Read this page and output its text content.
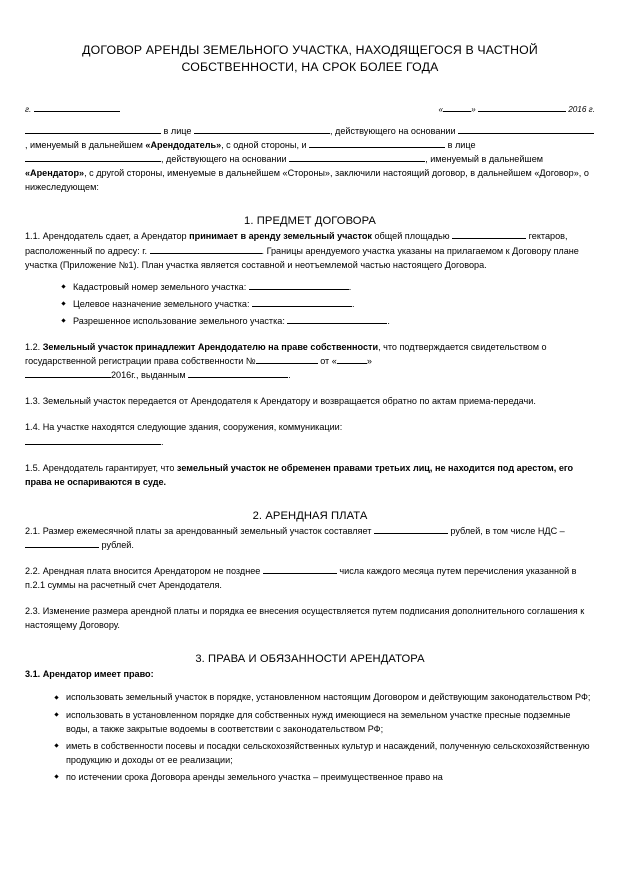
ДОГОВОР АРЕНДЫ ЗЕМЕЛЬНОГО УЧАСТКА, НАХОДЯЩЕГОСЯ В ЧАСТНОЙ СОБСТВЕННОСТИ, НА СРОК БОЛЕЕ ГОДА
г.	«	»	2016 г.

в лице	, действующего на основании , именуемый в дальнейшем «Арендодатель», с одной стороны, и	в лице , действующего на основании	, именуемый в дальнейшем «Арендатор», с другой стороны, именуемые в дальнейшем «Стороны», заключили настоящий договор, в дальнейшем «Договор», о нижеследующем:

1. ПРЕДМЕТ ДОГОВОРА

1.1. Арендодатель сдает, а Арендатор принимает в аренду земельный участок общей площадью	гектаров, расположенный по адресу: г.	. Границы арендуемого участка указаны на прилагаемом к Договору плане участка (Приложение №1). План участка является составной и неотъемлемой частью настоящего Договора.

Кадастровый номер земельного участка:	.
Целевое назначение земельного участка:	.
Разрешенное использование земельного участка:	.

1.2. Земельный участок принадлежит Арендодателю на праве собственности, что подтверждается свидетельством о государственной регистрации права собственности №	от «	»
2016г., выданным	.

1.3. Земельный участок передается от Арендодателя к Арендатору и возвращается обратно по актам приема-передачи.

1.4. На участке находятся следующие здания, сооружения, коммуникации:
.

1.5. Арендодатель гарантирует, что земельный участок не обременен правами третьих лиц, не находится под арестом, его права не оспариваются в суде.

2. АРЕНДНАЯ ПЛАТА

2.1. Размер ежемесячной платы за арендованный земельный участок составляет	рублей, в том числе НДС –  рублей.

2.2. Арендная плата вносится Арендатором не позднее	числа каждого месяца путем перечисления указанной в п.2.1 суммы на расчетный счет Арендодателя.

2.3. Изменение размера арендной платы и порядка ее внесения осуществляется путем подписания дополнительного соглашения к настоящему Договору.

3. ПРАВА И ОБЯЗАННОСТИ АРЕНДАТОРА

3.1. Арендатор имеет право:

использовать земельный участок в порядке, установленном настоящим Договором и действующим законодательством РФ;
использовать в установленном порядке для собственных нужд имеющиеся на земельном участке пресные подземные воды, а также закрытые водоемы в соответствии с законодательством РФ;
иметь в собственности посевы и посадки сельскохозяйственных культур и насаждений, полученную сельскохозяйственную продукцию и доходы от ее реализации;
по истечении срока Договора аренды земельного участка – преимущественное право на
